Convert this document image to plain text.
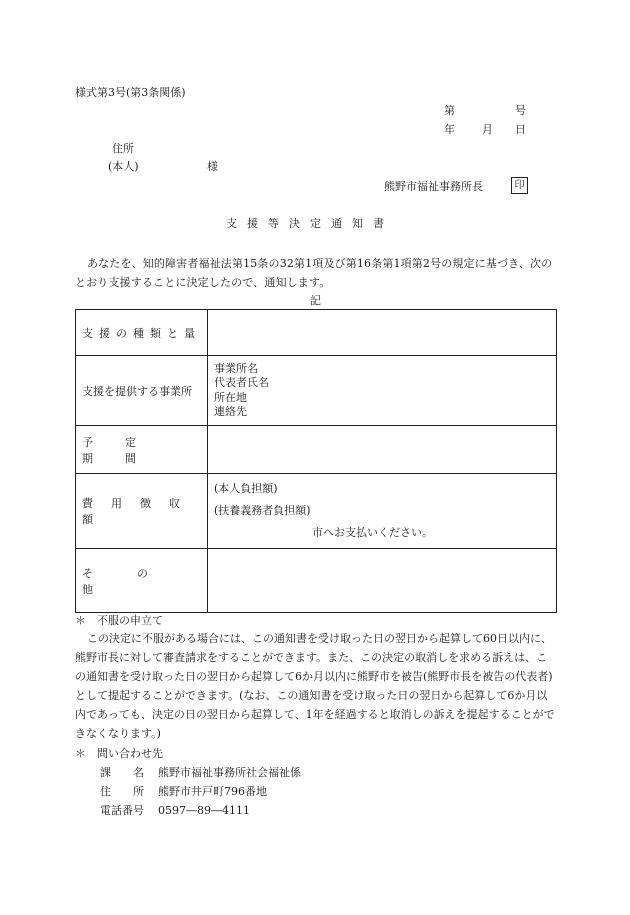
様式第3号(第3条関係)
第	号
年 月 日
住所
(本人)	様
熊野市福祉事務所長	印
支援等決定通知書
あなたを、知的障害者福祉法第15条の32第1項及び第16条第1項第2号の規定に基づき、次のとおり支援することに決定したので、通知します。
記
支援の種類と量	
支援を提供する事業所	事業所名
代表者氏名
所在地
連絡先

予定期間	
費用徴収額	(本人負担額)
(扶養義務者負担額)
市へお支払いください。

その他	
＊　不服の申立て
この決定に不服がある場合には、この通知書を受け取った日の翌日から起算して60日以内に、熊野市長に対して審査請求をすることができます。また、この決定の取消しを求める訴えは、この通知書を受け取った日の翌日から起算して6か月以内に熊野市を被告(熊野市長を被告の代表者)として提起することができます。(なお、この通知書を受け取った日の翌日から起算して6か月以内であっても、決定の日の翌日から起算して、1年を経過すると取消しの訴えを提起することができなくなります。)
＊　問い合わせ先
課　　名 熊野市福祉事務所社会福祉係
住　　所 熊野市井戸町796番地
電話番号 0597―89―4111
